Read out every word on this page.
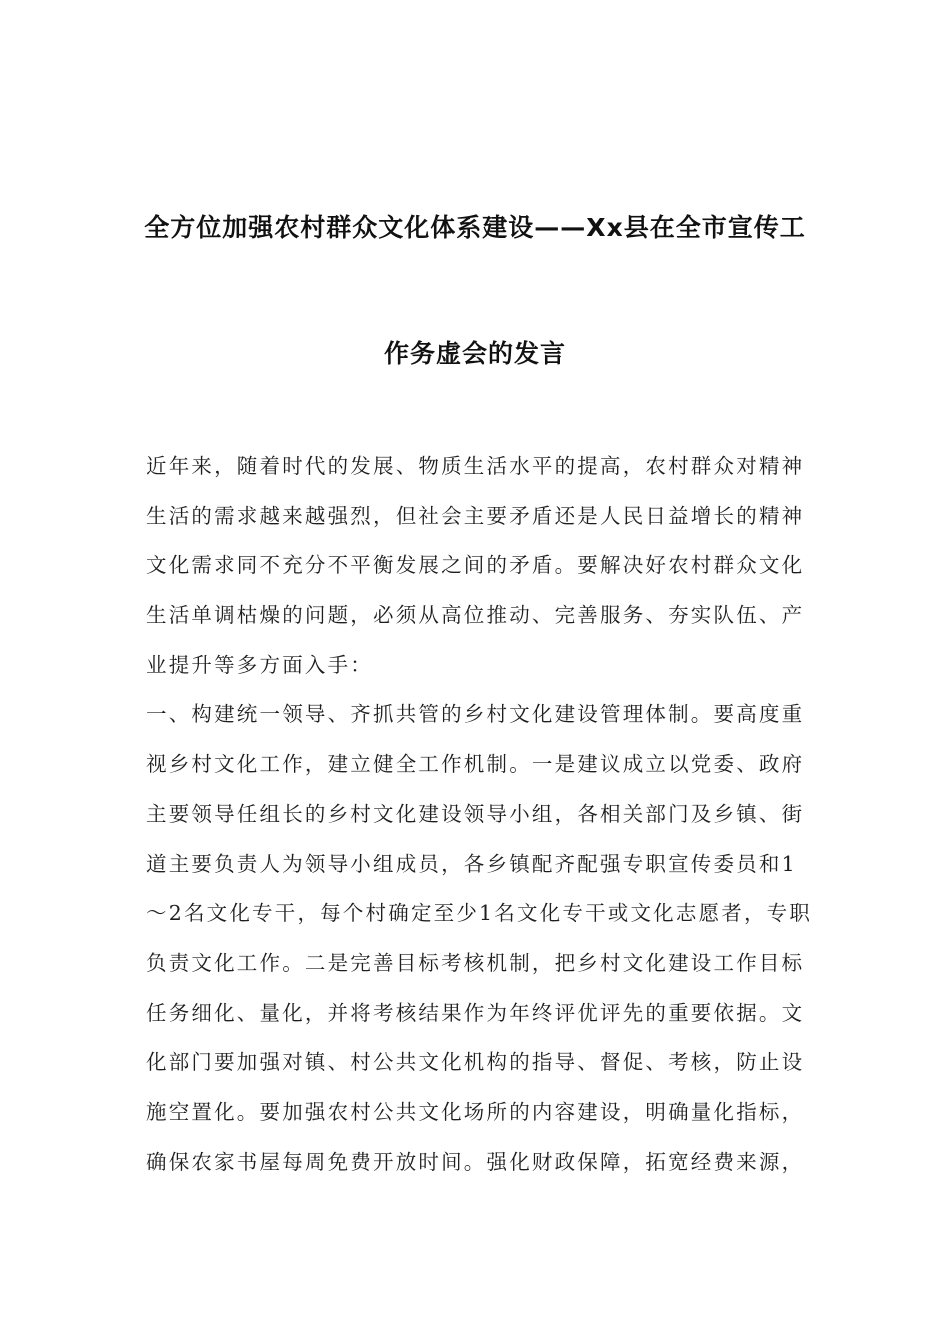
全方位加强农村群众文化体系建设——Xx县在全市宣传工
作务虚会的发言
近年来，随着时代的发展、物质生活水平的提高，农村群众对精神
生活的需求越来越强烈，但社会主要矛盾还是人民日益增长的精神
文化需求同不充分不平衡发展之间的矛盾。要解决好农村群众文化
生活单调枯燥的问题，必须从高位推动、完善服务、夯实队伍、产
业提升等多方面入手：
一、构建统一领导、齐抓共管的乡村文化建设管理体制。要高度重
视乡村文化工作，建立健全工作机制。一是建议成立以党委、政府
主要领导任组长的乡村文化建设领导小组，各相关部门及乡镇、街
道主要负责人为领导小组成员，各乡镇配齐配强专职宣传委员和1
～2名文化专干，每个村确定至少1名文化专干或文化志愿者，专职
负责文化工作。二是完善目标考核机制，把乡村文化建设工作目标
任务细化、量化，并将考核结果作为年终评优评先的重要依据。文
化部门要加强对镇、村公共文化机构的指导、督促、考核，防止设
施空置化。要加强农村公共文化场所的内容建设，明确量化指标，
确保农家书屋每周免费开放时间。强化财政保障，拓宽经费来源，
